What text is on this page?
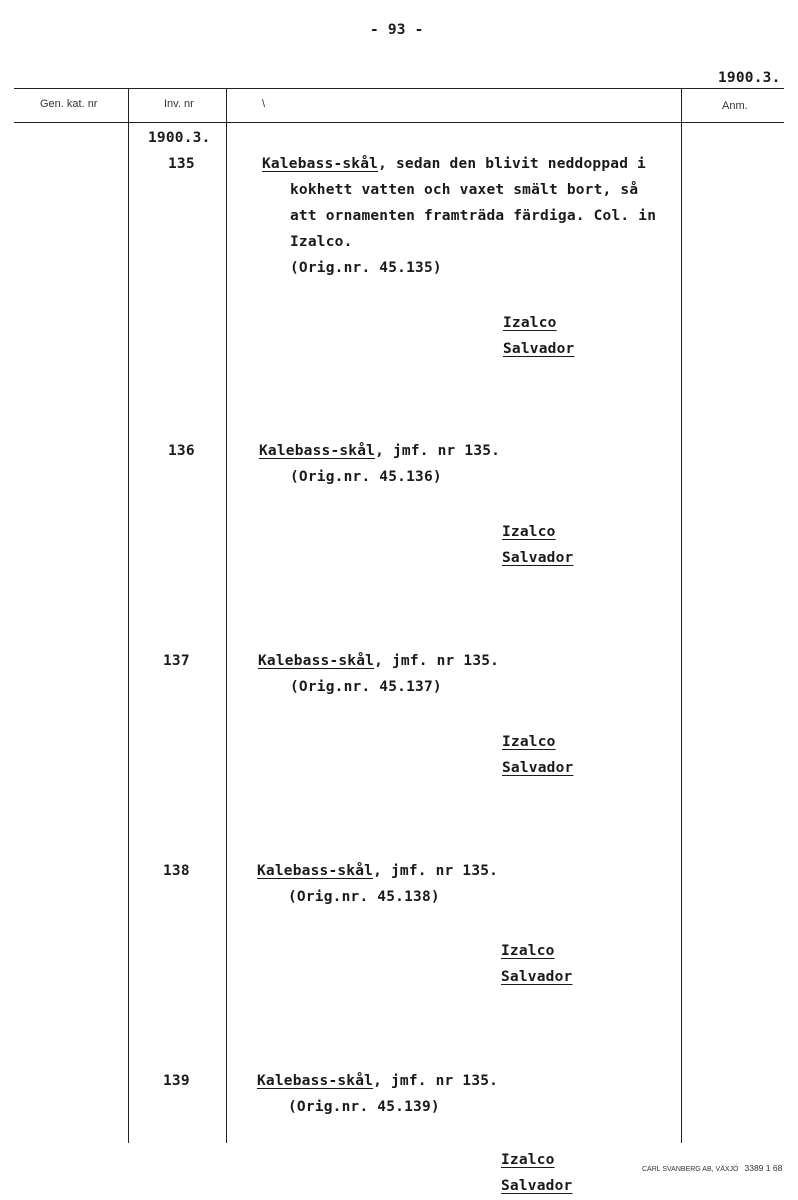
- 93 -
1900.3.
Gen. kat. nr	Inv. nr	\	Anm.
1900.3.
135	Kalebass-skål, sedan den blivit neddoppad i
kokhett vatten och vaxet smält bort, så
att ornamenten framträda färdiga. Col. in
Izalco.
(Orig.nr. 45.135)
Izalco
Salvador
136	Kalebass-skål, jmf. nr 135.
(Orig.nr. 45.136)
Izalco
Salvador
137	Kalebass-skål, jmf. nr 135.
(Orig.nr. 45.137)
Izalco
Salvador
138	Kalebass-skål, jmf. nr 135.
(Orig.nr. 45.138)
Izalco
Salvador
139	Kalebass-skål, jmf. nr 135.
(Orig.nr. 45.139)
Izalco
Salvador
CARL SVANBERG AB, VÄXJÖ 3389 1 68
